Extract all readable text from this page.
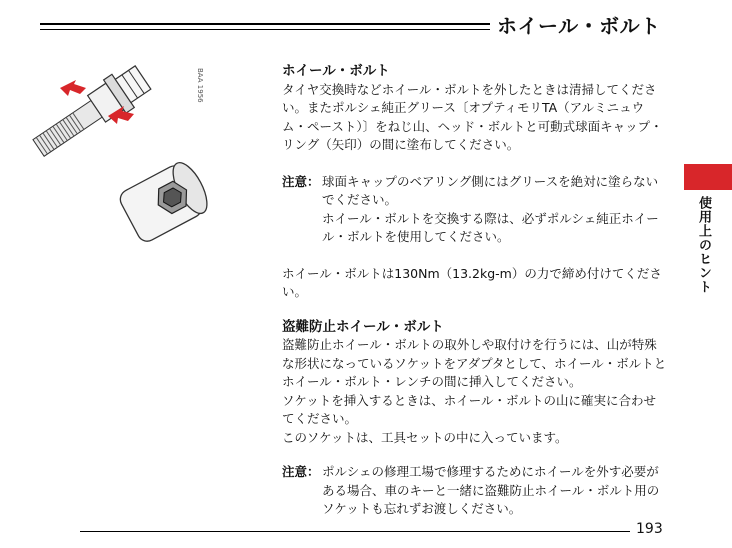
ホイール・ボルト
BAA 1956	ホイール・ボルト
タイヤ交換時などホイール・ボルトを外したときは清掃してください。またポルシェ純正グリース〔オプティモリTA（アルミニュウム・ペースト）〕をねじ山、ヘッド・ボルトと可動式球面キャップ・リング（矢印）の間に塗布してください。
注意： 球面キャップのベアリング側にはグリースを絶対に塗らないでください。
ホイール・ボルトを交換する際は、必ずポルシェ純正ホイール・ボルトを使用してください。
ホイール・ボルトは130Nm（13.2kg-m）の力で締め付けてください。
盗難防止ホイール・ボルト
盗難防止ホイール・ボルトの取外しや取付けを行うには、山が特殊な形状になっているソケットをアダプタとして、ホイール・ボルトとホイール・ボルト・レンチの間に挿入してください。
ソケットを挿入するときは、ホイール・ボルトの山に確実に合わせてください。
このソケットは、工具セットの中に入っています。
注意： ポルシェの修理工場で修理するためにホイールを外す必要がある場合、車のキーと一緒に盗難防止ホイール・ボルト用のソケットも忘れずお渡しください。
使用上のヒント
193
